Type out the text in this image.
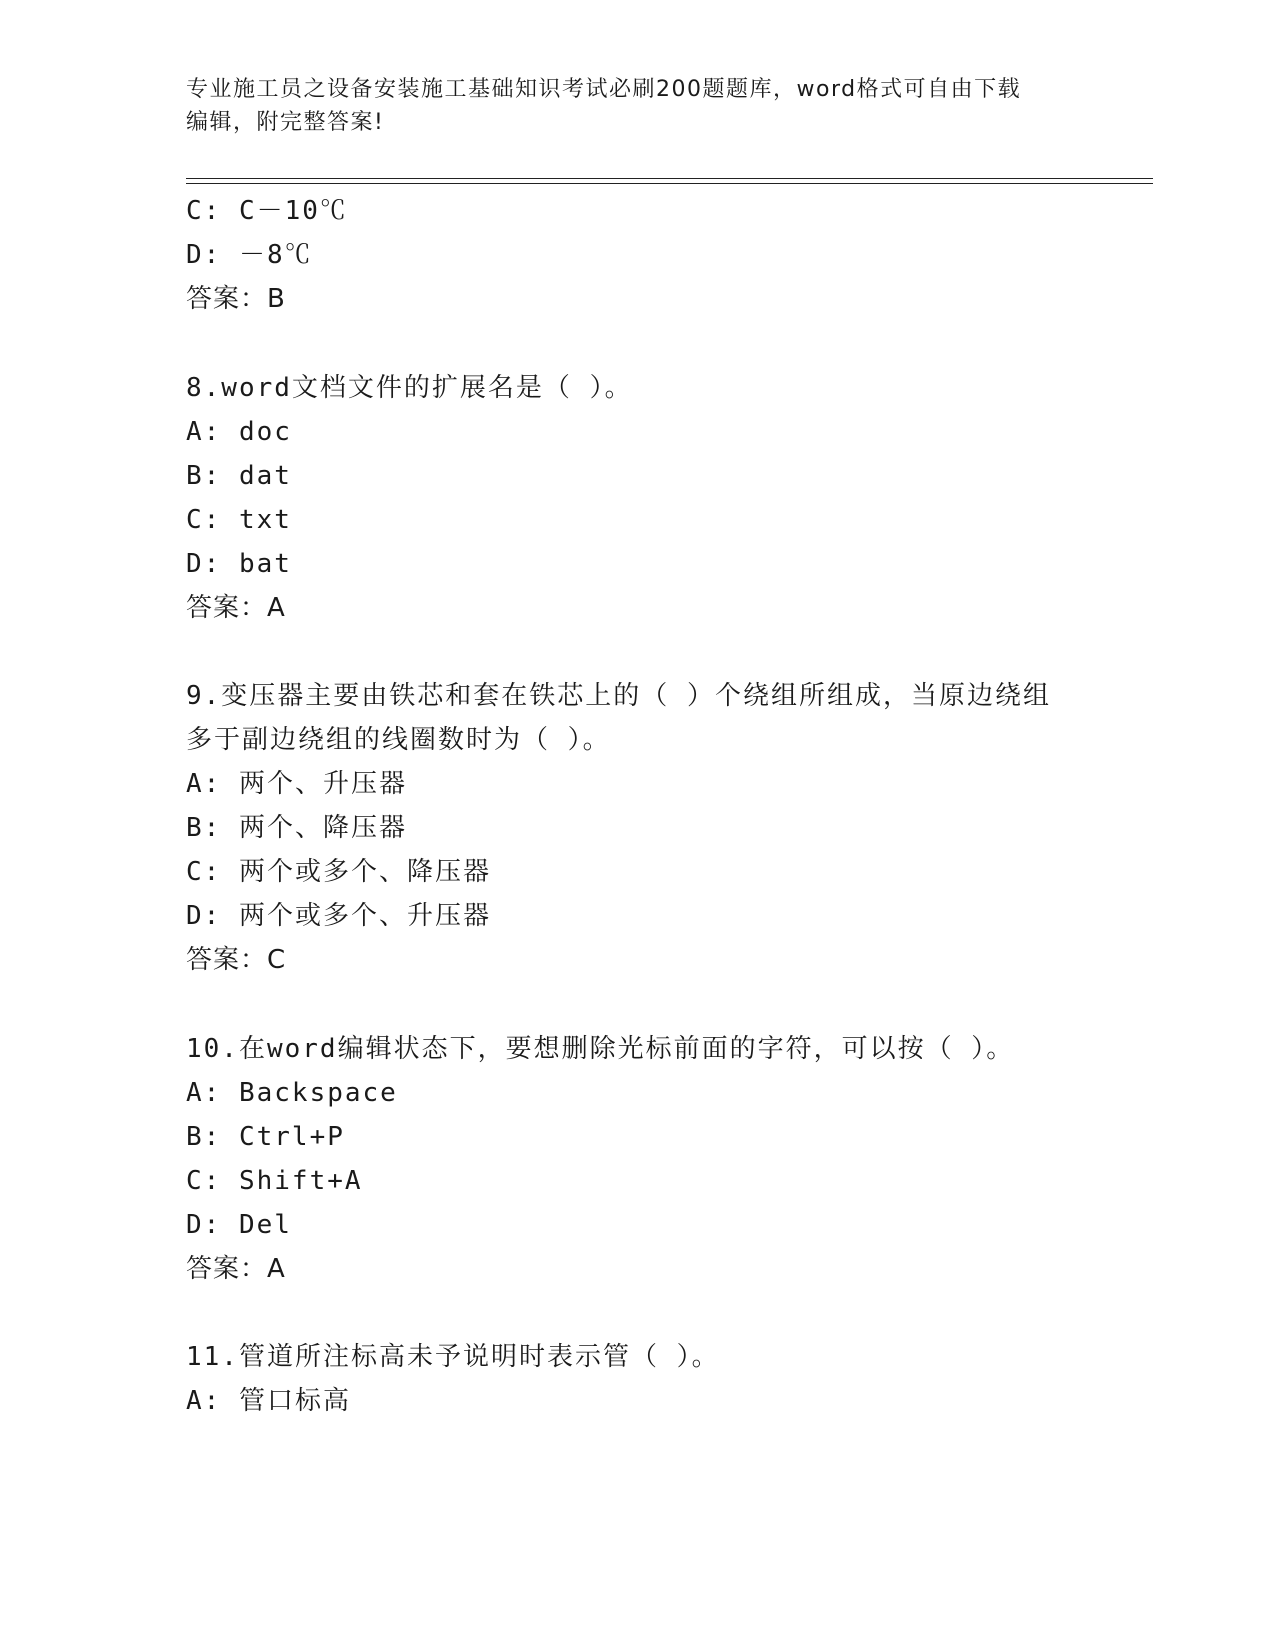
专业施工员之设备安装施工基础知识考试必刷200题题库，word格式可自由下载
编辑，附完整答案!
C: C－10℃
D: －8℃
答案：B
8.word文档文件的扩展名是（ ）。
A: doc
B: dat
C: txt
D: bat
答案：A
9.变压器主要由铁芯和套在铁芯上的（ ）个绕组所组成，当原边绕组
多于副边绕组的线圈数时为（ ）。
A: 两个、升压器
B: 两个、降压器
C: 两个或多个、降压器
D: 两个或多个、升压器
答案：C
10.在word编辑状态下，要想删除光标前面的字符，可以按（ ）。
A: Backspace
B: Ctrl+P
C: Shift+A
D: Del
答案：A
11.管道所注标高未予说明时表示管（ ）。
A: 管口标高
